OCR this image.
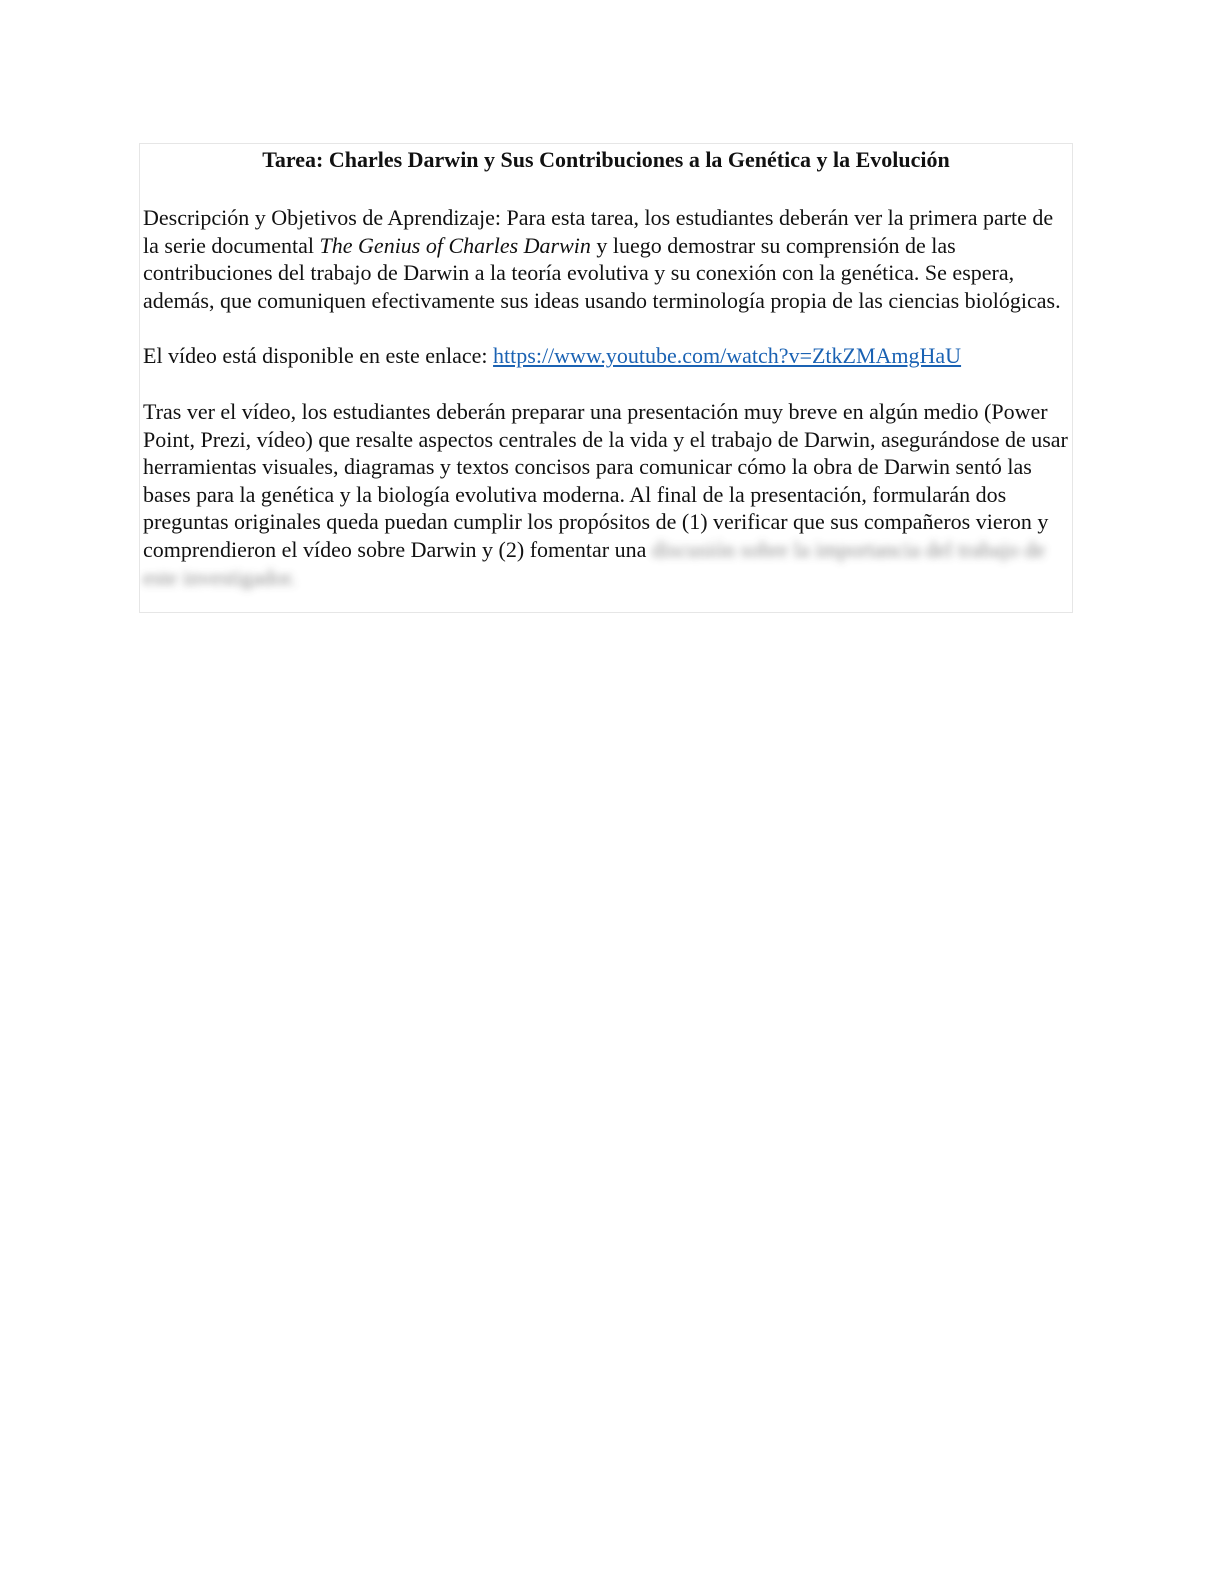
Tarea: Charles Darwin y Sus Contribuciones a la Genética y la Evolución

Descripción y Objetivos de Aprendizaje: Para esta tarea, los estudiantes deberán ver la primera parte de la serie documental The Genius of Charles Darwin y luego demostrar su comprensión de las contribuciones del trabajo de Darwin a la teoría evolutiva y su conexión con la genética. Se espera, además, que comuniquen efectivamente sus ideas usando terminología propia de las ciencias biológicas.

El vídeo está disponible en este enlace: https://www.youtube.com/watch?v=ZtkZMAmgHaU

Tras ver el vídeo, los estudiantes deberán preparar una presentación muy breve en algún medio (Power Point, Prezi, vídeo) que resalte aspectos centrales de la vida y el trabajo de Darwin, asegurándose de usar herramientas visuales, diagramas y textos concisos para comunicar cómo la obra de Darwin sentó las bases para la genética y la biología evolutiva moderna. Al final de la presentación, formularán dos preguntas originales queda puedan cumplir los propósitos de (1) verificar que sus compañeros vieron y comprendieron el vídeo sobre Darwin y (2) fomentar una discusión sobre la importancia del trabajo de este investigador.
